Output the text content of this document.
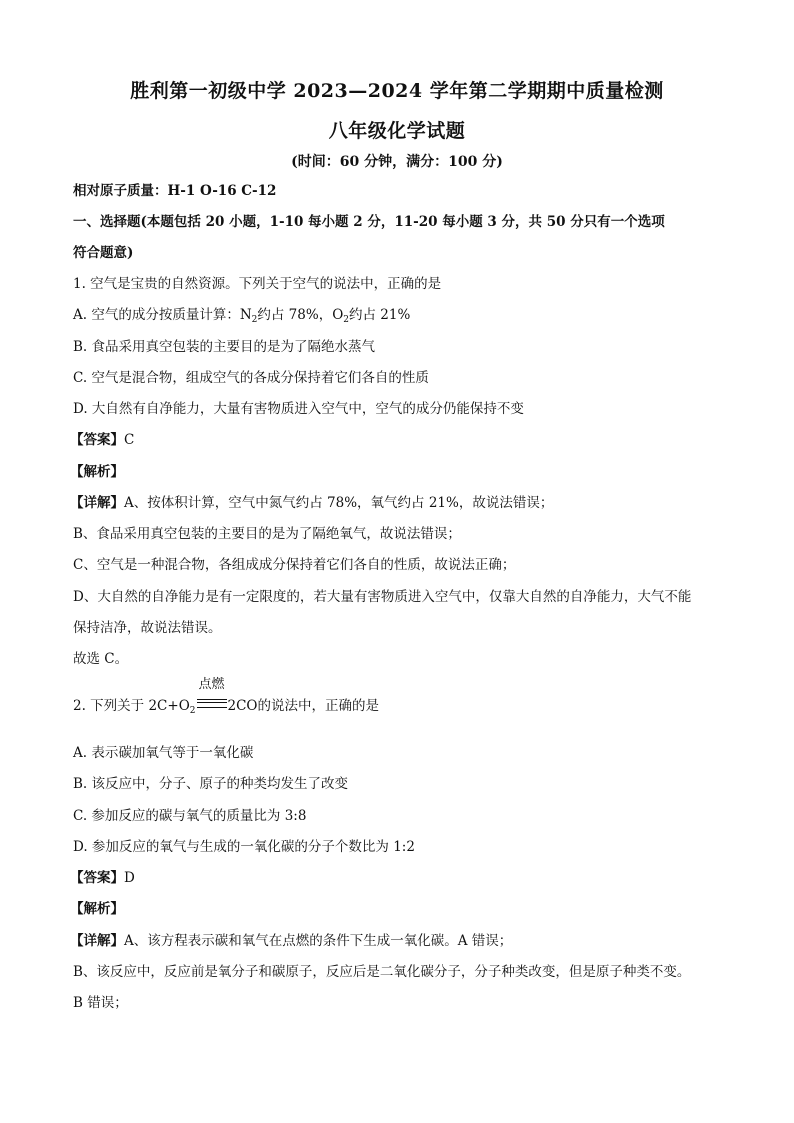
胜利第一初级中学 2023—2024 学年第二学期期中质量检测
八年级化学试题
(时间：60 分钟，满分：100 分)
相对原子质量：H-1 O-16 C-12
一、选择题(本题包括 20 小题，1-10 每小题 2 分，11-20 每小题 3 分，共 50 分只有一个选项
符合题意)
1. 空气是宝贵的自然资源。下列关于空气的说法中，正确的是
A. 空气的成分按质量计算：$N_2$约占 78%，$O_2$约占 21%
B. 食品采用真空包装的主要目的是为了隔绝水蒸气
C. 空气是混合物，组成空气的各成分保持着它们各自的性质
D. 大自然有自净能力，大量有害物质进入空气中，空气的成分仍能保持不变
【答案】C
【解析】
【详解】A、按体积计算，空气中氮气约占 78%，氧气约占 21%，故说法错误；
B、食品采用真空包装的主要目的是为了隔绝氧气，故说法错误；
C、空气是一种混合物，各组成成分保持着它们各自的性质，故说法正确；
D、大自然的自净能力是有一定限度的，若大量有害物质进入空气中，仅靠大自然的自净能力，大气不能
保持洁净，故说法错误。
故选 C。
2. 下列关于 $2C+O_2$
点燃
2CO的说法中，正确的是
A. 表示碳加氧气等于一氧化碳
B. 该反应中，分子、原子的种类均发生了改变
C. 参加反应的碳与氧气的质量比为 3:8
D. 参加反应的氧气与生成的一氧化碳的分子个数比为 1:2
【答案】D
【解析】
【详解】A、该方程表示碳和氧气在点燃的条件下生成一氧化碳。A 错误；
B、该反应中，反应前是氧分子和碳原子，反应后是二氧化碳分子，分子种类改变，但是原子种类不变。
B 错误；
